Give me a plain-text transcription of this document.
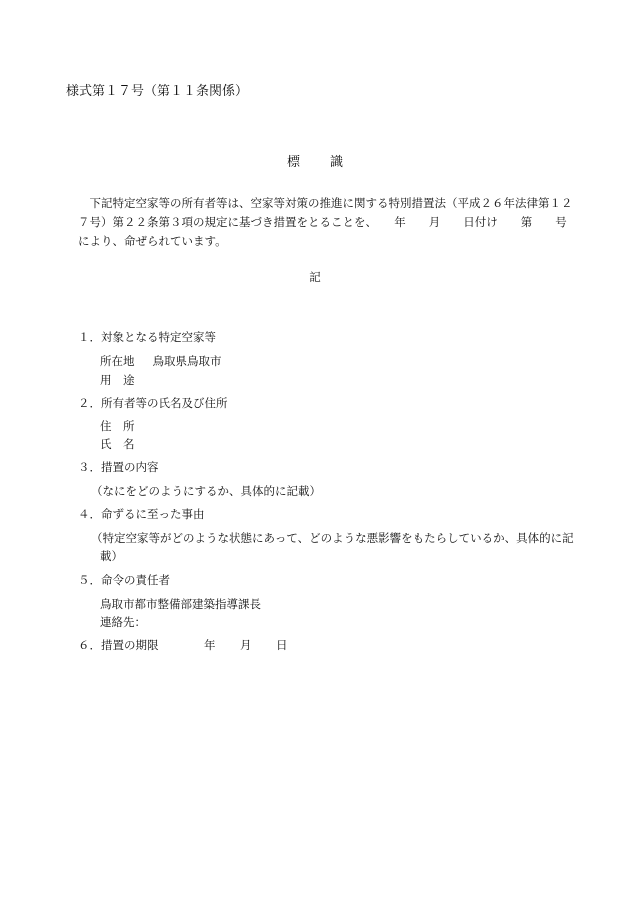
様式第１７号（第１１条関係）

標識

　下記特定空家等の所有者等は、空家等対策の推進に関する特別措置法（平成２６年法律第１２

７号）第２２条第３項の規定に基づき措置をとることを、　　年　　月　　日付け　　第　　号

により、命ぜられています。

記

１．対象となる特定空家等

所在地 鳥取県鳥取市

用　途

２．所有者等の氏名及び住所

住　所

氏　名

３．措置の内容

（なにをどのようにするか、具体的に記載）

４．命ずるに至った事由

（特定空家等がどのような状態にあって、どのような悪影響をもたらしているか、具体的に記

載）

５．命令の責任者

鳥取市都市整備部建築指導課長

連絡先：

６．措置の期限	年 月 日
